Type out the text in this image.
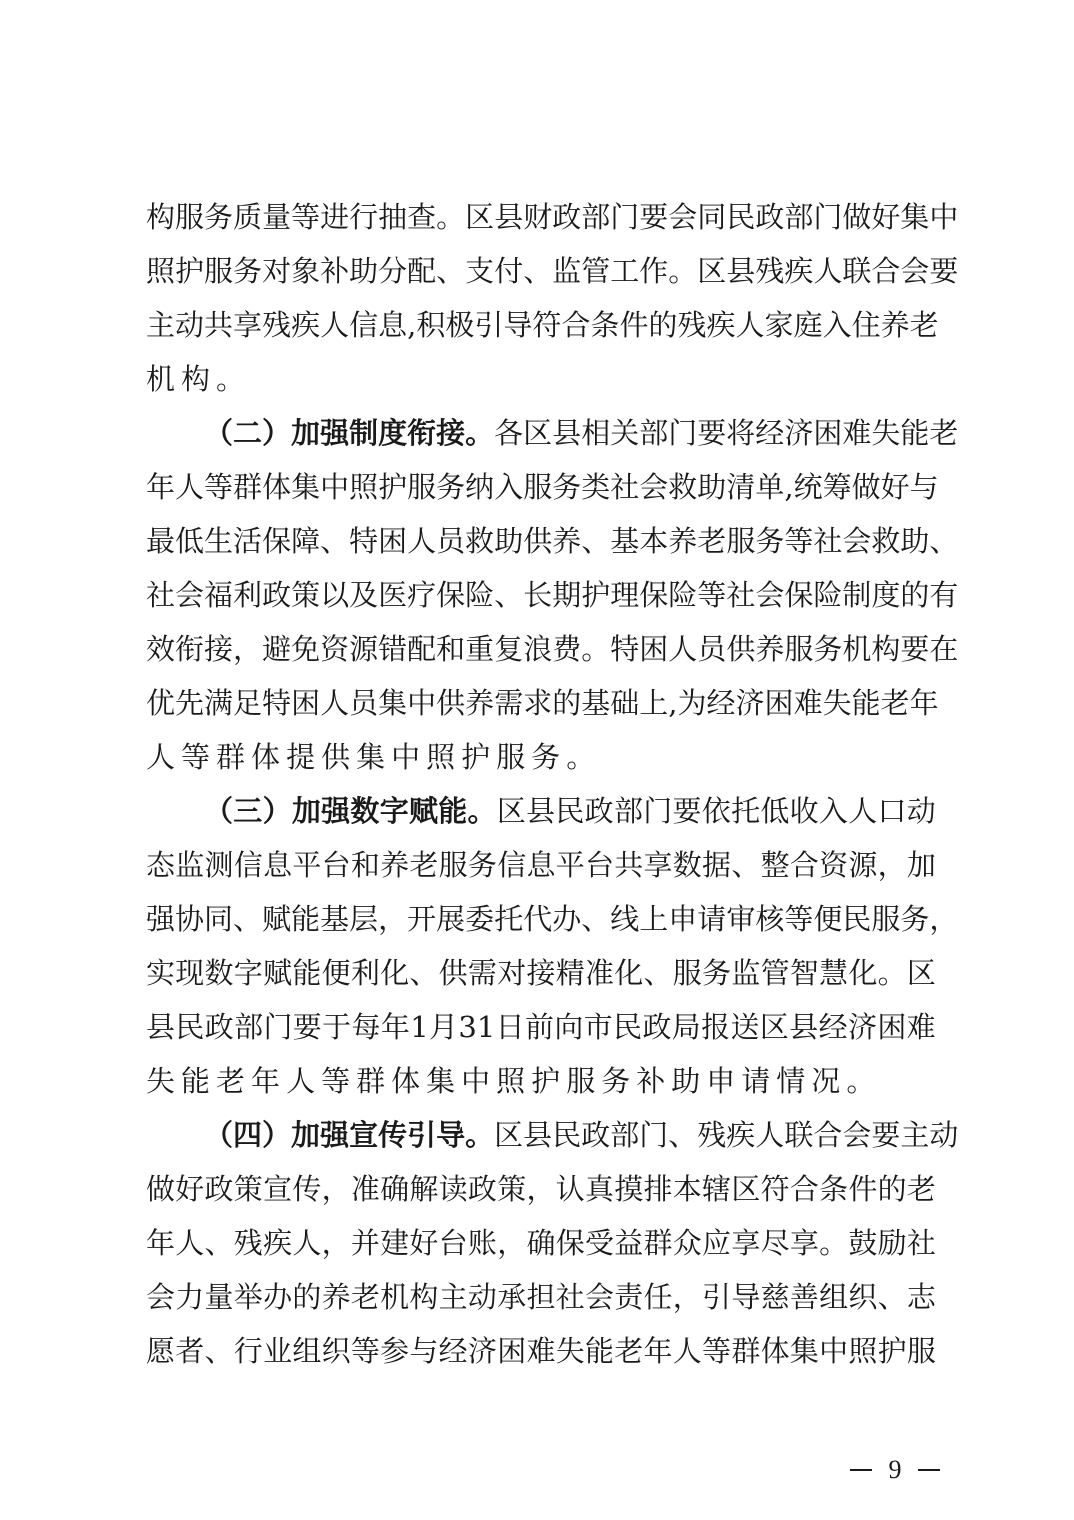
构 服 务 质 量 等 进 行 抽 查 。 区 县 财 政 部 门 要 会 同 民 政 部 门 做 好 集 中
照 护 服 务 对 象 补 助 分 配 、 支 付 、 监 管 工 作 。 区 县 残 疾 人 联 合 会 要
主 动 共 享 残 疾 人 信 息 , 积 极 引 导 符 合 条 件 的 残 疾 人 家 庭 入 住 养 老
机 构 。
（ 二 ） 加 强 制 度 衔 接 。 各 区 县 相 关 部 门 要 将 经 济 困 难 失 能 老
年 人 等 群 体 集 中 照 护 服 务 纳 入 服 务 类 社 会 救 助 清 单 , 统 筹 做 好 与
最 低 生 活 保 障 、 特 困 人 员 救 助 供 养 、 基 本 养 老 服 务 等 社 会 救 助 、
社 会 福 利 政 策 以 及 医 疗 保 险 、 长 期 护 理 保 险 等 社 会 保 险 制 度 的 有
效 衔 接 ， 避 免 资 源 错 配 和 重 复 浪 费 。 特 困 人 员 供 养 服 务 机 构 要 在
优 先 满 足 特 困 人 员 集 中 供 养 需 求 的 基 础 上 , 为 经 济 困 难 失 能 老 年
人 等 群 体 提 供 集 中 照 护 服 务 。
（ 三 ） 加 强 数 字 赋 能 。 区 县 民 政 部 门 要 依 托 低 收 入 人 口 动
态 监 测 信 息 平 台 和 养 老 服 务 信 息 平 台 共 享 数 据 、 整 合 资 源 ， 加
强 协 同 、 赋 能 基 层 ， 开 展 委 托 代 办 、 线 上 申 请 审 核 等 便 民 服 务 ，
实 现 数 字 赋 能 便 利 化 、 供 需 对 接 精 准 化 、 服 务 监 管 智 慧 化 。 区
县 民 政 部 门 要 于 每 年 1 月 31 日 前 向 市 民 政 局 报 送 区 县 经 济 困 难
失 能 老 年 人 等 群 体 集 中 照 护 服 务 补 助 申 请 情 况 。
（ 四 ） 加 强 宣 传 引 导 。 区 县 民 政 部 门 、 残 疾 人 联 合 会 要 主 动
做 好 政 策 宣 传 ， 准 确 解 读 政 策 ， 认 真 摸 排 本 辖 区 符 合 条 件 的 老
年 人 、 残 疾 人 ， 并 建 好 台 账 ， 确 保 受 益 群 众 应 享 尽 享 。 鼓 励 社
会 力 量 举 办 的 养 老 机 构 主 动 承 担 社 会 责 任 ， 引 导 慈 善 组 织 、 志
愿 者 、 行 业 组 织 等 参 与 经 济 困 难 失 能 老 年 人 等 群 体 集 中 照 护 服
9
